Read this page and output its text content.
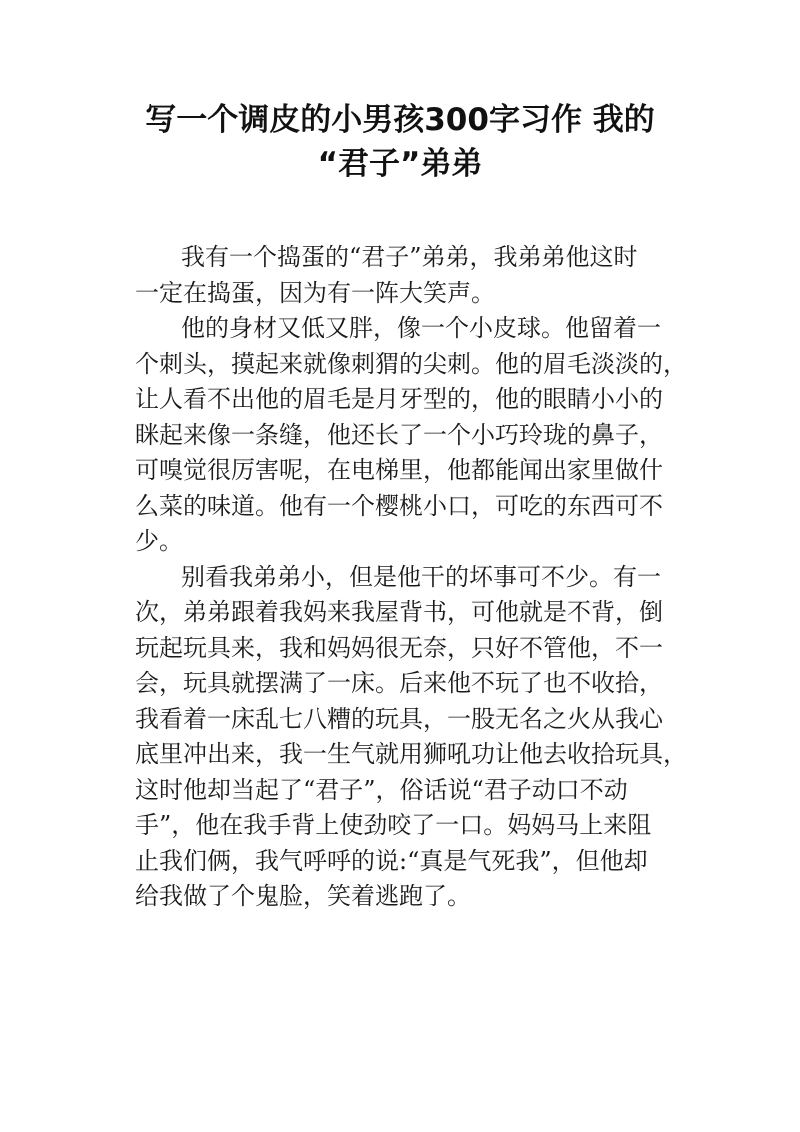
写一个调皮的小男孩300字习作 我的
“君子”弟弟
我有一个捣蛋的“君子”弟弟，我弟弟他这时
一定在捣蛋，因为有一阵大笑声。
他的身材又低又胖，像一个小皮球。他留着一
个刺头，摸起来就像刺猬的尖刺。他的眉毛淡淡的，
让人看不出他的眉毛是月牙型的，他的眼睛小小的
眯起来像一条缝，他还长了一个小巧玲珑的鼻子，
可嗅觉很厉害呢，在电梯里，他都能闻出家里做什
么菜的味道。他有一个樱桃小口，可吃的东西可不
少。
别看我弟弟小，但是他干的坏事可不少。有一
次，弟弟跟着我妈来我屋背书，可他就是不背，倒
玩起玩具来，我和妈妈很无奈，只好不管他，不一
会，玩具就摆满了一床。后来他不玩了也不收拾，
我看着一床乱七八糟的玩具，一股无名之火从我心
底里冲出来，我一生气就用狮吼功让他去收拾玩具，
这时他却当起了“君子”，俗话说“君子动口不动
手”，他在我手背上使劲咬了一口。妈妈马上来阻
止我们俩，我气呼呼的说:“真是气死我”，但他却
给我做了个鬼脸，笑着逃跑了。
